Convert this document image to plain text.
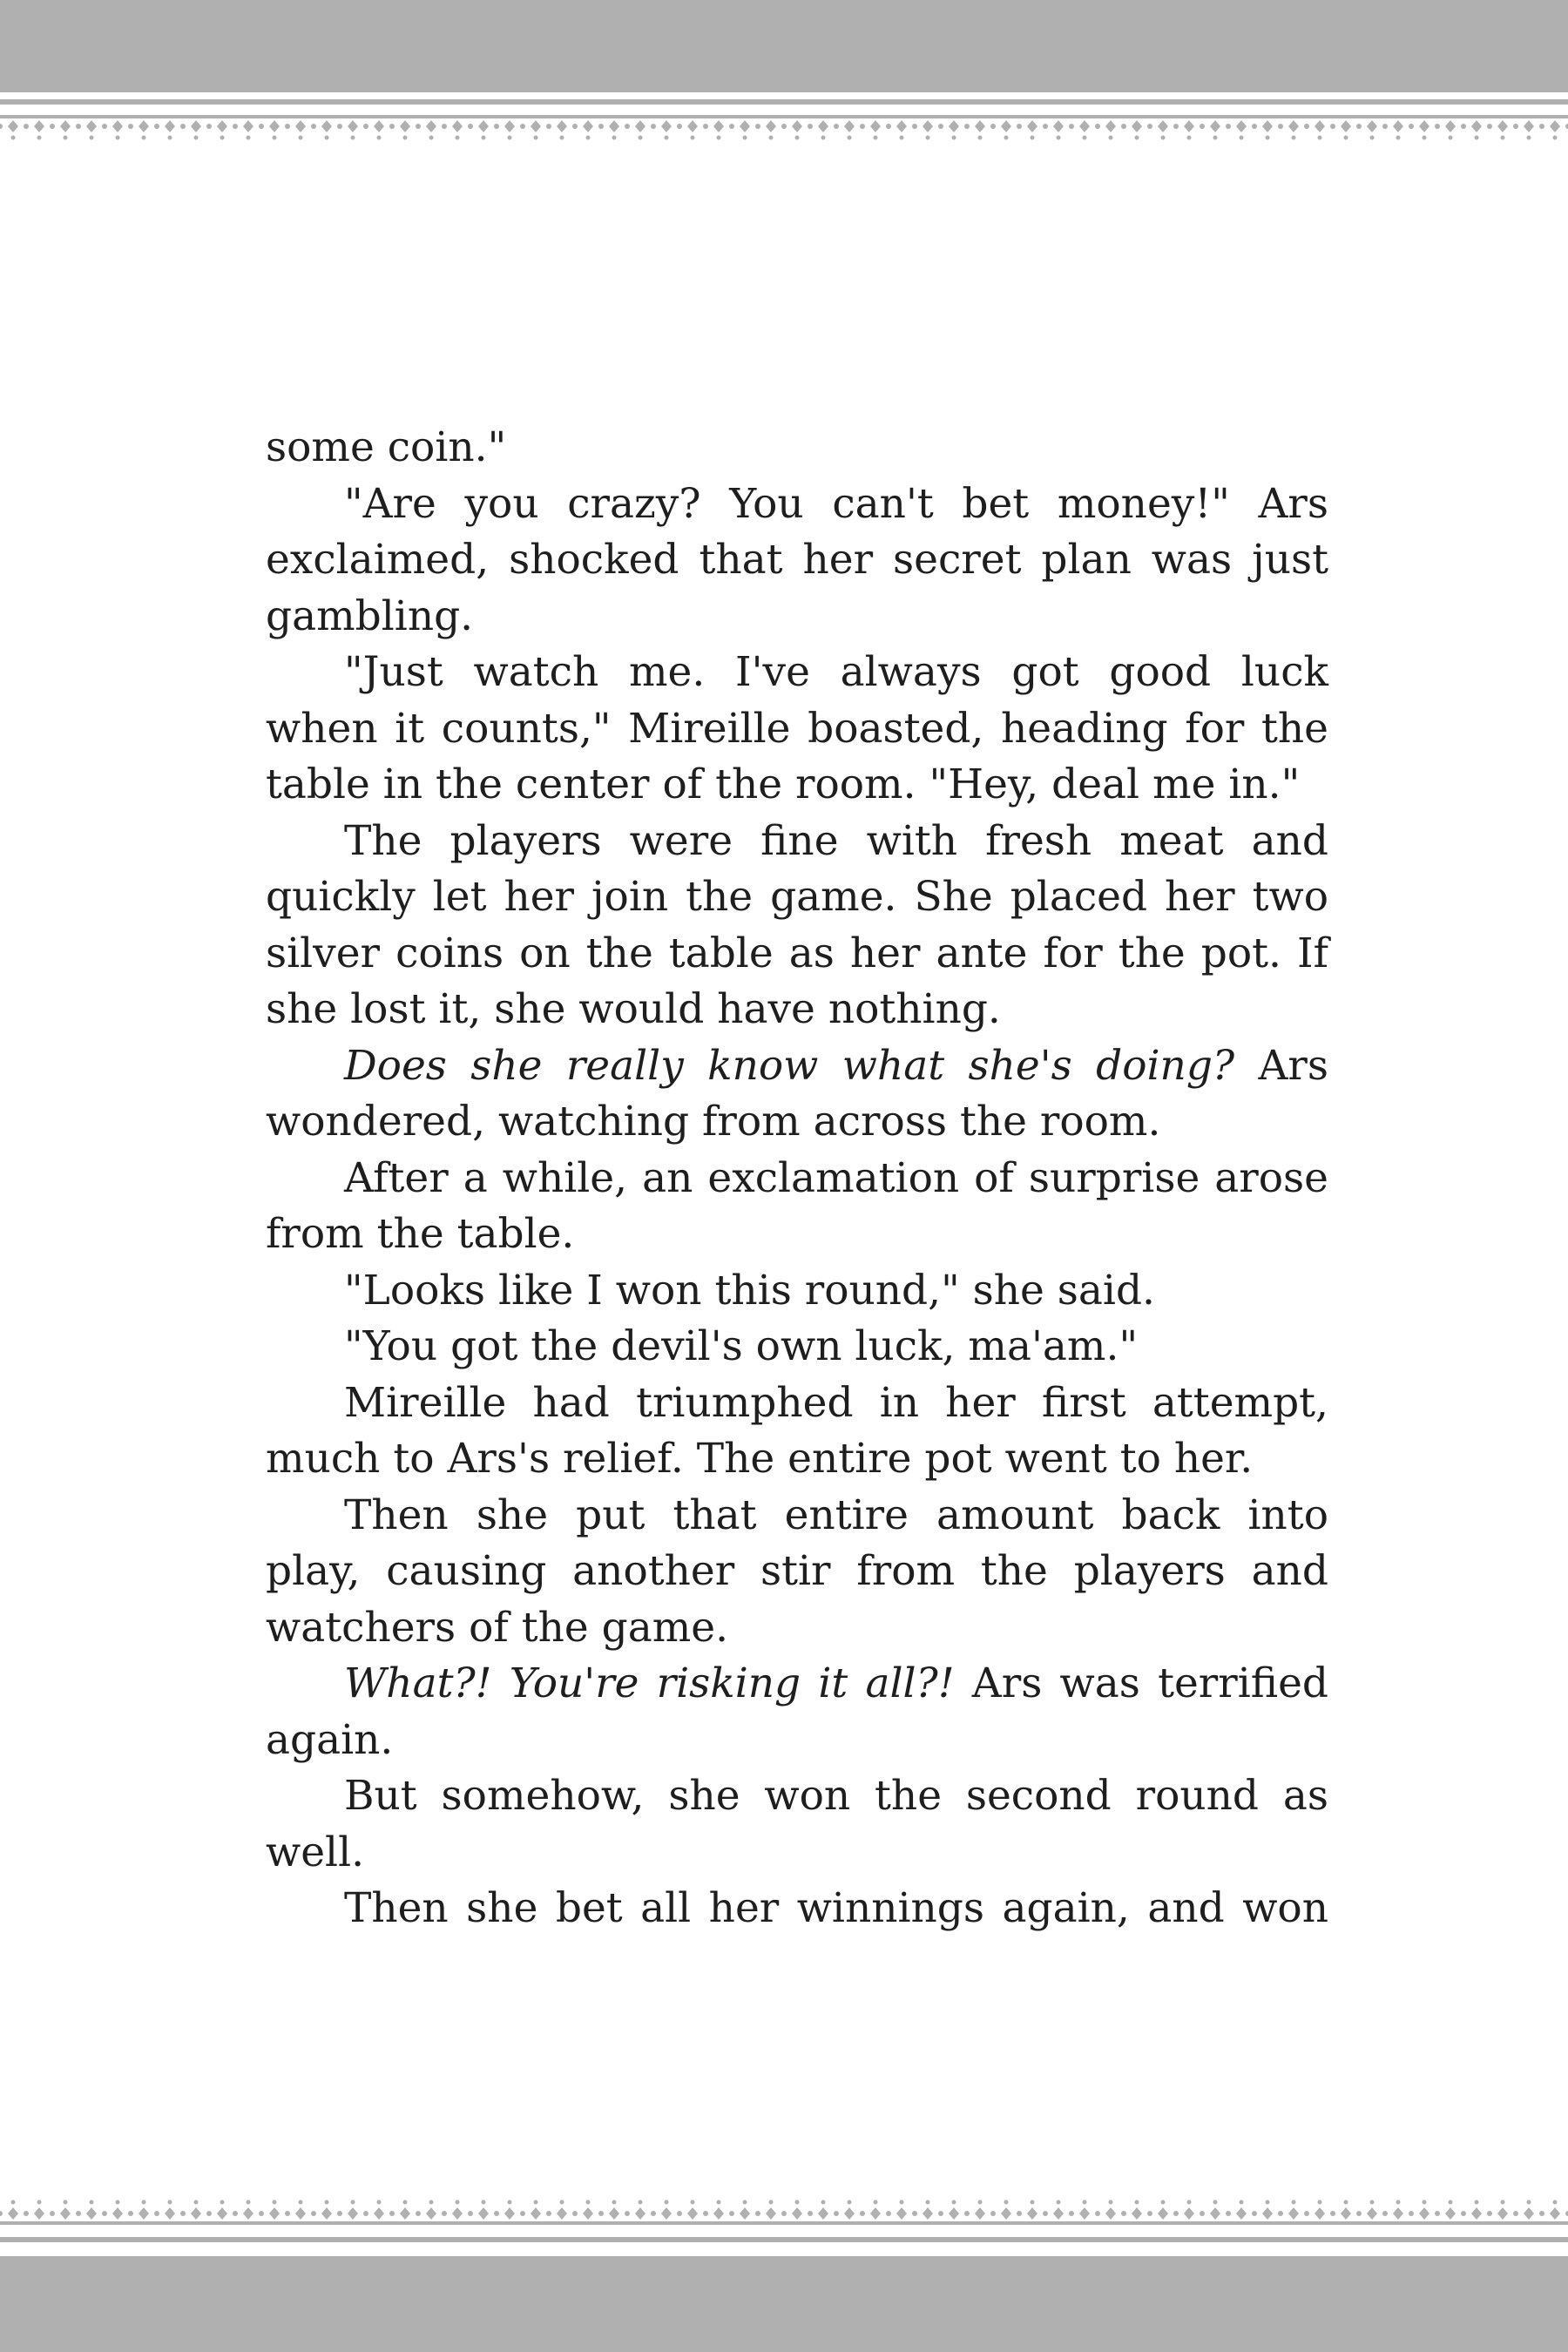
some coin."

"Are you crazy? You can't bet money!" Ars exclaimed, shocked that her secret plan was just gambling.

"Just watch me. I've always got good luck when it counts," Mireille boasted, heading for the table in the center of the room. "Hey, deal me in."

The players were fine with fresh meat and quickly let her join the game. She placed her two silver coins on the table as her ante for the pot. If she lost it, she would have nothing.

Does she really know what she's doing? Ars wondered, watching from across the room.

After a while, an exclamation of surprise arose from the table.

"Looks like I won this round," she said.

"You got the devil's own luck, ma'am."

Mireille had triumphed in her first attempt, much to Ars's relief. The entire pot went to her.

Then she put that entire amount back into play, causing another stir from the players and watchers of the game.

What?! You're risking it all?! Ars was terrified again.

But somehow, she won the second round as well.

Then she bet all her winnings again, and won
